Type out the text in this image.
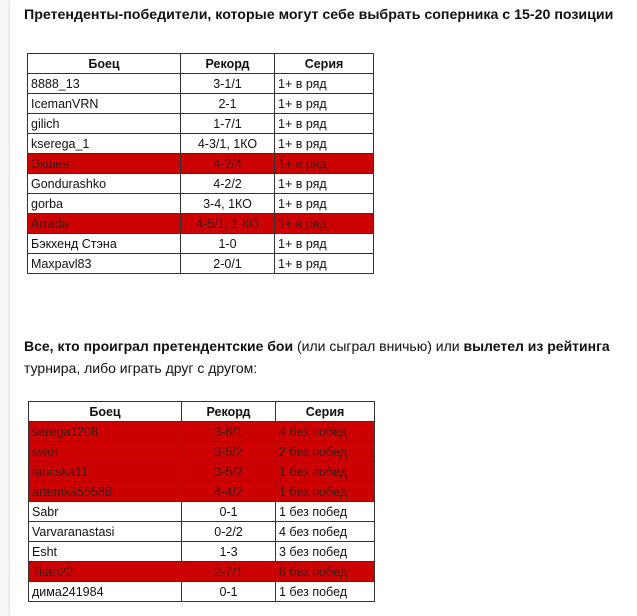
Претенденты-победители, которые могут себе выбрать соперника с 15-20 позиции
Боец	Рекорд	Серия
8888_13	3-1/1	1+ в ряд
IcemanVRN	2-1	1+ в ряд
gilich	1-7/1	1+ в ряд
kserega_1	4-3/1, 1КО	1+ в ряд
Экшен	4-2/4	1+ в ряд
Gondurashko	4-2/2	1+ в ряд
gorba	3-4, 1КО	1+ в ряд
Arrada	4-5/1, 1 КО	1+ в ряд
Бэкхенд Стэна	1-0	1+ в ряд
Maxpavl83	2-0/1	1+ в ряд
Все, кто проиграл претендентские бои (или сыграл вничью) или вылетел из рейтинга
турнира, либо играть друг с другом:
Боец	Рекорд	Серия
serega1208	3-6/1	4 без побед
swot	3-5/2	2 без побед
fancska11	3-5/2	1 без побед
artemka55588	4-4/2	1 без побед
Sabr	0-1	1 без побед
Varvaranastasi	0-2/2	4 без побед
Esht	1-3	3 без побед
Titan22	2-7/1	6 без побед
дима241984	0-1	1 без побед
